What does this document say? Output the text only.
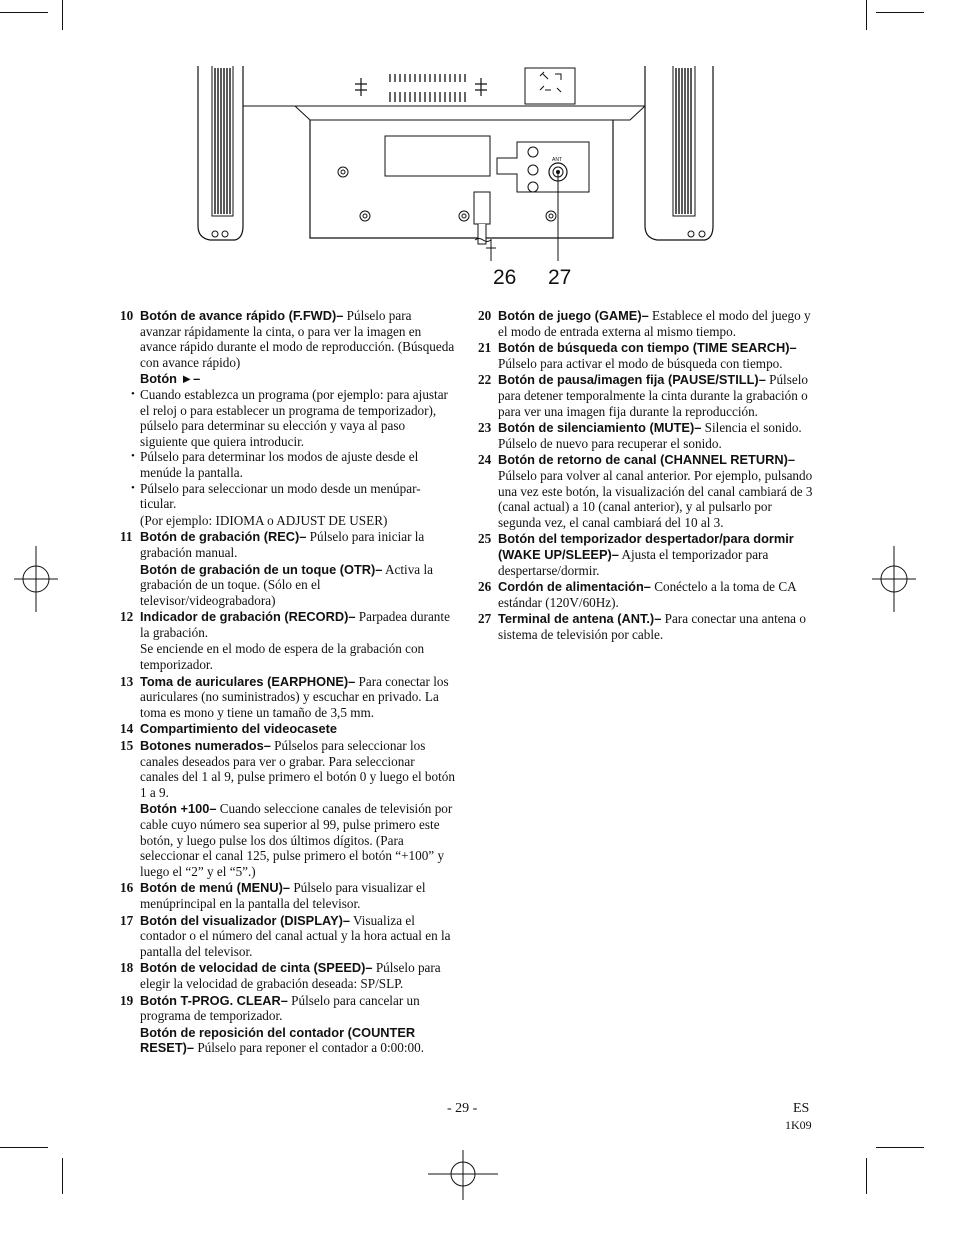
ANT
26 27
10 Botón de avance rápido (F.FWD)– Púlselo para avanzar rápidamente la cinta, o para ver la imagen en avance rápido durante el modo de reproducción. (Búsqueda con avance rápido)
Botón ►–
• Cuando establezca un programa (por ejemplo: para ajustar el reloj o para establecer un programa de temporizador), púlselo para determinar su elección y vaya al paso siguiente que quiera introducir.
• Púlselo para determinar los modos de ajuste desde el menúde la pantalla.
• Púlselo para seleccionar un modo desde un menúpar-ticular.
(Por ejemplo: IDIOMA o ADJUST DE USER)
11 Botón de grabación (REC)– Púlselo para iniciar la grabación manual.
Botón de grabación de un toque (OTR)– Activa la grabación de un toque. (Sólo en el televisor/videograbadora)
12 Indicador de grabación (RECORD)– Parpadea durante la grabación.
Se enciende en el modo de espera de la grabación con temporizador.
13 Toma de auriculares (EARPHONE)– Para conectar los auriculares (no suministrados) y escuchar en privado. La toma es mono y tiene un tamaño de 3,5 mm.
14 Compartimiento del videocasete
15 Botones numerados– Púlselos para seleccionar los canales deseados para ver o grabar. Para seleccionar canales del 1 al 9, pulse primero el botón 0 y luego el botón 1 a 9.
Botón +100– Cuando seleccione canales de televisión por cable cuyo número sea superior al 99, pulse primero este botón, y luego pulse los dos últimos dígitos. (Para seleccionar el canal 125, pulse primero el botón “+100” y luego el “2” y el “5”.)
16 Botón de menú (MENU)– Púlselo para visualizar el menúprincipal en la pantalla del televisor.
17 Botón del visualizador (DISPLAY)– Visualiza el contador o el número del canal actual y la hora actual en la pantalla del televisor.
18 Botón de velocidad de cinta (SPEED)– Púlselo para elegir la velocidad de grabación deseada: SP/SLP.
19 Botón T-PROG. CLEAR– Púlselo para cancelar un programa de temporizador.
Botón de reposición del contador (COUNTER RESET)– Púlselo para reponer el contador a 0:00:00.
20 Botón de juego (GAME)– Establece el modo del juego y el modo de entrada externa al mismo tiempo.
21 Botón de búsqueda con tiempo (TIME SEARCH)– Púlselo para activar el modo de búsqueda con tiempo.
22 Botón de pausa/imagen fija (PAUSE/STILL)– Púlselo para detener temporalmente la cinta durante la grabación o para ver una imagen fija durante la reproducción.
23 Botón de silenciamiento (MUTE)– Silencia el sonido. Púlselo de nuevo para recuperar el sonido.
24 Botón de retorno de canal (CHANNEL RETURN)– Púlselo para volver al canal anterior. Por ejemplo, pulsando una vez este botón, la visualización del canal cambiará de 3 (canal actual) a 10 (canal anterior), y al pulsarlo por segunda vez, el canal cambiará del 10 al 3.
25 Botón del temporizador despertador/para dormir (WAKE UP/SLEEP)– Ajusta el temporizador para despertarse/dormir.
26 Cordón de alimentación– Conéctelo a la toma de CA estándar (120V/60Hz).
27 Terminal de antena (ANT.)– Para conectar una antena o sistema de televisión por cable.
- 29 -	ES
1K09
